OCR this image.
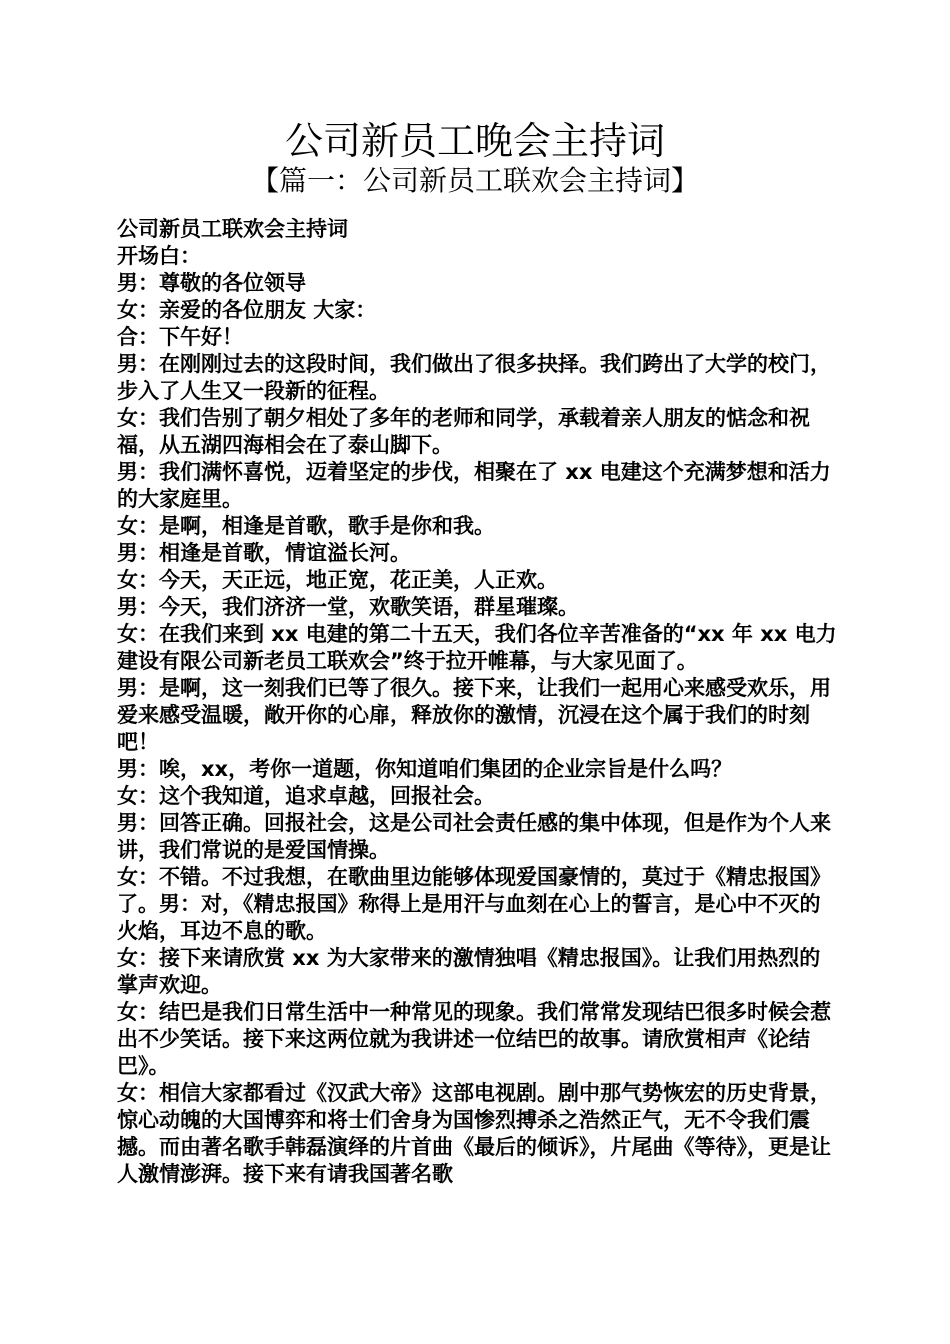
公司新员工晚会主持词
【篇一：公司新员工联欢会主持词】

公司新员工联欢会主持词

开场白：

男：尊敬的各位领导

女：亲爱的各位朋友 大家：

合：下午好！

男：在刚刚过去的这段时间，我们做出了很多抉择。我们跨出了大学的校门，步入了人生又一段新的征程。

女：我们告别了朝夕相处了多年的老师和同学，承载着亲人朋友的惦念和祝福，从五湖四海相会在了泰山脚下。

男：我们满怀喜悦，迈着坚定的步伐，相聚在了 xx 电建这个充满梦想和活力的大家庭里。

女：是啊，相逢是首歌，歌手是你和我。

男：相逢是首歌，情谊溢长河。

女：今天，天正远，地正宽，花正美，人正欢。

男：今天，我们济济一堂，欢歌笑语，群星璀璨。

女：在我们来到 xx 电建的第二十五天，我们各位辛苦准备的“xx 年 xx 电力建设有限公司新老员工联欢会”终于拉开帷幕，与大家见面了。

男：是啊，这一刻我们已等了很久。接下来，让我们一起用心来感受欢乐，用爱来感受温暖，敞开你的心扉，释放你的激情，沉浸在这个属于我们的时刻吧！

男：唉，xx，考你一道题，你知道咱们集团的企业宗旨是什么吗？

女：这个我知道，追求卓越，回报社会。

男：回答正确。回报社会，这是公司社会责任感的集中体现，但是作为个人来讲，我们常说的是爱国情操。

女：不错。不过我想，在歌曲里边能够体现爱国豪情的，莫过于《精忠报国》了。男：对，《精忠报国》称得上是用汗与血刻在心上的誓言，是心中不灭的火焰，耳边不息的歌。

女：接下来请欣赏 xx 为大家带来的激情独唱《精忠报国》。让我们用热烈的掌声欢迎。

女：结巴是我们日常生活中一种常见的现象。我们常常发现结巴很多时候会惹出不少笑话。接下来这两位就为我讲述一位结巴的故事。请欣赏相声《论结巴》。

女：相信大家都看过《汉武大帝》这部电视剧。剧中那气势恢宏的历史背景，惊心动魄的大国博弈和将士们舍身为国惨烈搏杀之浩然正气，无不令我们震撼。而由著名歌手韩磊演绎的片首曲《最后的倾诉》，片尾曲《等待》，更是让人激情澎湃。接下来有请我国著名歌
